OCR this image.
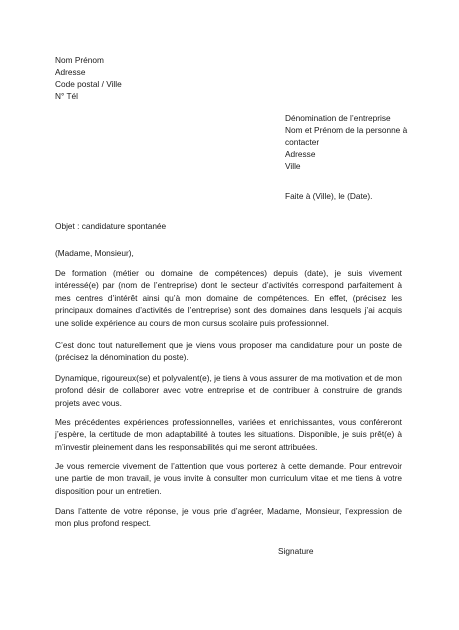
Nom Prénom
Adresse
Code postal / Ville
N° Tél
Dénomination de l’entreprise
Nom et Prénom de la personne à contacter
Adresse
Ville
Faite à (Ville), le (Date).
Objet : candidature spontanée
(Madame, Monsieur),
De formation (métier ou domaine de compétences) depuis (date), je suis vivement intéressé(e) par (nom de l’entreprise) dont le secteur d’activités correspond parfaitement à mes centres d’intérêt ainsi qu’à mon domaine de compétences. En effet, (précisez les principaux domaines d’activités de l’entreprise) sont des domaines dans lesquels j’ai acquis une solide expérience au cours de mon cursus scolaire puis professionnel.
C’est donc tout naturellement que je viens vous proposer ma candidature pour un poste de (précisez la dénomination du poste).
Dynamique, rigoureux(se) et polyvalent(e), je tiens à vous assurer de ma motivation et de mon profond désir de collaborer avec votre entreprise et de contribuer à construire de grands projets avec vous.
Mes précédentes expériences professionnelles, variées et enrichissantes, vous conféreront j’espère, la certitude de mon adaptabilité à toutes les situations. Disponible, je suis prêt(e) à m’investir pleinement dans les responsabilités qui me seront attribuées.
Je vous remercie vivement de l’attention que vous porterez à cette demande. Pour entrevoir une partie de mon travail, je vous invite à consulter mon curriculum vitae et me tiens à votre disposition pour un entretien.
Dans l’attente de votre réponse, je vous prie d’agréer, Madame, Monsieur, l’expression de mon plus profond respect.
Signature
